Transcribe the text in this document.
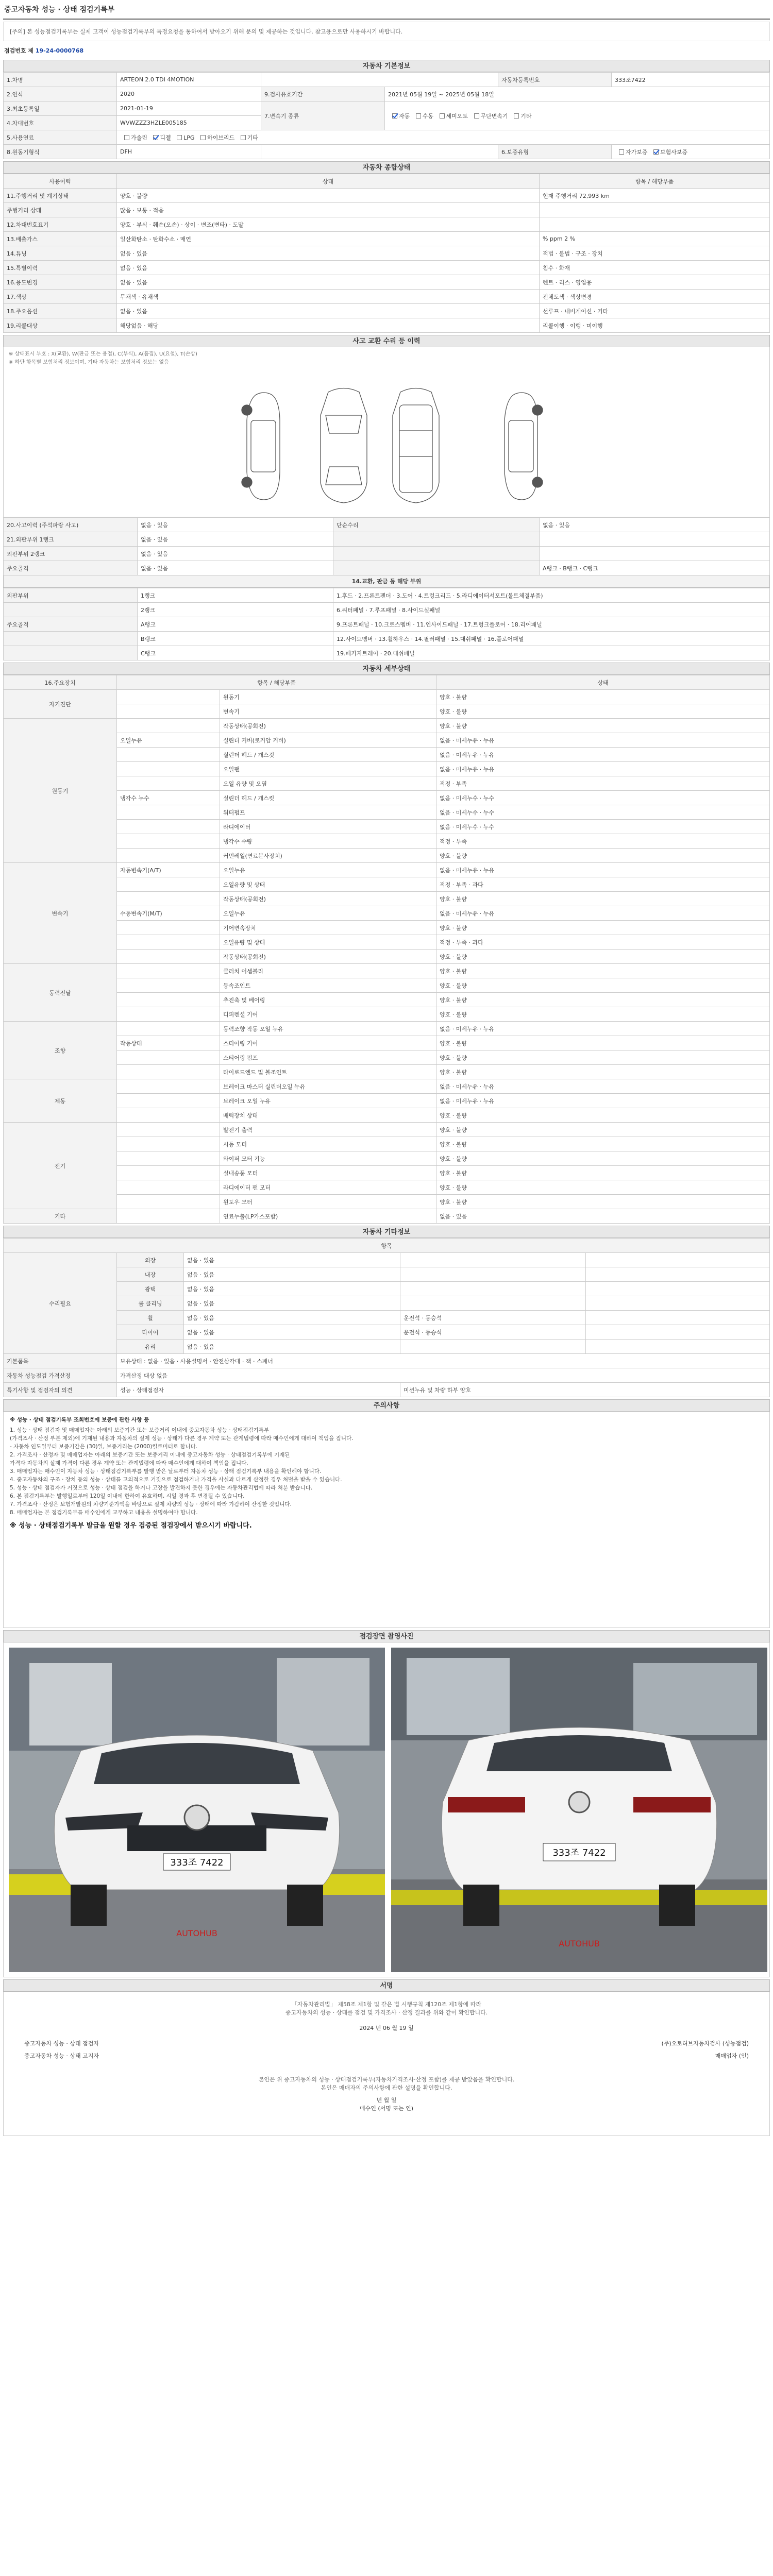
중고자동차 성능 · 상태 점검기록부
[주의] 본 성능점검기록부는 실제 고객이 성능점검기록부의 특정요청을 통하여서 받아오기 위해 문의 및 제공하는 것입니다. 참고용으로만 사용하시기 바랍니다.
점검번호 제 19-24-0000768
자동차 기본정보
1.차명	ARTEON 2.0 TDI 4MOTION			자동차등록번호	333조7422
2.연식	2020	9.검사유효기간	2021년 05월 19일 ~ 2025년 05월 18일		
3.최초등록일	2021-01-19	7.변속기 종류	자동 수동 세미오토 무단변속기 기타		
4.차대번호	WVWZZZ3HZLE005185				
5.사용연료	가솔린 디젤 LPG 하이브리드 기타				
8.원동기형식	DFH			6.보증유형	자가보증 보험사보증
자동차 종합상태
사용이력	상태	항목 / 해당부품
11.주행거리 및 계기상태	양호 · 불량	현재 주행거리 72,993 km
주행거리 상태	많음 · 보통 · 적음	
12.차대번호표기	양호 · 부식 · 훼손(오손) · 상이 · 변조(변타) · 도말	
13.배출가스	일산화탄소 · 탄화수소 · 매연	% ppm 2 %
14.튜닝	없음 · 있음	적법 · 불법 · 구조 · 장치
15.특별이력	없음 · 있음	침수 · 화재
16.용도변경	없음 · 있음	렌트 · 리스 · 영업용
17.색상	무채색 · 유채색	전체도색 · 색상변경
18.주요옵션	없음 · 있음	선루프 · 내비게이션 · 기타
19.리콜대상	해당없음 · 해당	리콜이행 · 이행 · 미이행
사고 교환 수리 등 이력
※ 상태표시 부호 : X(교환), W(판금 또는 용접), C(부식), A(흠집), U(요철), T(손상)
※ 하단 항목별 보험처리 정보이며, 기타 자동차는 보험처리 정보는 없음
20.사고이력 (주석파랑 사고)	없음 · 있음	단순수리	없음 · 있음
21.외판부위 1랭크	없음 · 있음		
외판부위 2랭크	없음 · 있음		
주요골격	없음 · 있음		A랭크 · B랭크 · C랭크
14.교환, 판금 등 해당 부위
외판부위	1랭크	1.후드 · 2.프론트펜더 · 3.도어 · 4.트렁크리드 · 5.라디에이터서포트(볼트체결부품)
	2랭크	6.쿼터패널 · 7.루프패널 · 8.사이드실패널
주요골격	A랭크	9.프론트패널 · 10.크로스멤버 · 11.인사이드패널 · 17.트렁크플로어 · 18.리어패널
	B랭크	12.사이드멤버 · 13.휠하우스 · 14.필러패널 · 15.대쉬패널 · 16.플로어패널
	C랭크	19.패키지트레이 · 20.대쉬패널
자동차 세부상태
16.주요장치	항목 / 해당부품		상태
자기진단		원동기	양호 · 불량
		변속기	양호 · 불량
원동기		작동상태(공회전)	양호 · 불량
	오일누유	실린더 커버(로커암 커버)	없음 · 미세누유 · 누유
		실린더 헤드 / 개스킷	없음 · 미세누유 · 누유
		오일팬	없음 · 미세누유 · 누유
		오일 유량 및 오염	적정 · 부족
	냉각수 누수	실린더 헤드 / 개스킷	없음 · 미세누수 · 누수
		워터펌프	없음 · 미세누수 · 누수
		라디에이터	없음 · 미세누수 · 누수
		냉각수 수량	적정 · 부족
		커먼레일(연료분사장치)	양호 · 불량
변속기	자동변속기(A/T)	오일누유	없음 · 미세누유 · 누유
		오일유량 및 상태	적정 · 부족 · 과다
		작동상태(공회전)	양호 · 불량
	수동변속기(M/T)	오일누유	없음 · 미세누유 · 누유
		기어변속장치	양호 · 불량
		오일유량 및 상태	적정 · 부족 · 과다
		작동상태(공회전)	양호 · 불량
동력전달		클러치 어셈블리	양호 · 불량
		등속조인트	양호 · 불량
		추진축 및 베어링	양호 · 불량
		디퍼렌셜 기어	양호 · 불량
조향		동력조향 작동 오일 누유	없음 · 미세누유 · 누유
	작동상태	스티어링 기어	양호 · 불량
		스티어링 펌프	양호 · 불량
		타이로드엔드 및 볼조인트	양호 · 불량
제동		브레이크 마스터 실린더오일 누유	없음 · 미세누유 · 누유
		브레이크 오일 누유	없음 · 미세누유 · 누유
		배력장치 상태	양호 · 불량
전기		발전기 출력	양호 · 불량
		시동 모터	양호 · 불량
		와이퍼 모터 기능	양호 · 불량
		실내송풍 모터	양호 · 불량
		라디에이터 팬 모터	양호 · 불량
		윈도우 모터	양호 · 불량
기타		연료누출(LP가스포함)	없음 · 있음
자동차 기타정보
항목				
수리필요	외장	없음 · 있음		
	내장	없음 · 있음		
	광택	없음 · 있음		
	룸 클리닝	없음 · 있음		
	휠	없음 · 있음	운전석 · 동승석	
	타이어	없음 · 있음	운전석 · 동승석	
	유리	없음 · 있음		
기본품목	보유상태 : 없음 · 있음 · 사용설명서 · 안전삼각대 · 잭 · 스패너			
자동차 성능점검 가격산정	가격산정 대상 없음			
특기사항 및 점검자의 의견	성능 · 상태점검자		미션누유 및 차량 하부 양호	
주의사항
※ 성능 · 상태 점검기록부 조회번호에 보증에 관한 사항 등
1. 성능 · 상태 점검자 및 매매업자는 아래의 보증기간 또는 보증거리 이내에 중고자동차 성능 · 상태점검기록부
(가격조사 · 산정 부분 제외)에 기재된 내용과 자동차의 실제 성능 · 상태가 다른 경우 계약 또는 관계법령에 따라 매수인에게 대하여 책임을 집니다.
- 자동차 인도일부터 보증기간은 (30)일, 보증거리는 (2000)킬로미터로 합니다.
2. 가격조사 · 산정자 및 매매업자는 아래의 보증기간 또는 보증거리 이내에 중고자동차 성능 · 상태점검기록부에 기재된
가격과 자동차의 실제 가격이 다른 경우 계약 또는 관계법령에 따라 매수인에게 대하여 책임을 집니다.
3. 매매업자는 매수인이 자동차 성능 · 상태점검기록부를 발행 받은 날로부터 자동차 성능 · 상태 점검기록부 내용을 확인해야 합니다.
4. 중고자동차의 구조 · 장치 등의 성능 · 상태를 고의적으로 거짓으로 점검하거나 가격을 사실과 다르게 산정한 경우 처벌을 받을 수 있습니다.
5. 성능 · 상태 점검자가 거짓으로 성능 · 상태 점검을 하거나 고장을 발견하지 못한 경우에는 자동차관리법에 따라 처분 받습니다.
6. 본 점검기록부는 발행일로부터 120일 이내에 한하여 유효하며, 시일 경과 후 변경될 수 있습니다.
7. 가격조사 · 산정은 보험개발원의 차량기준가액을 바탕으로 실제 차량의 성능 · 상태에 따라 가감하여 산정한 것입니다.
8. 매매업자는 본 점검기록부를 매수인에게 교부하고 내용을 설명하여야 합니다.
※ 성능 · 상태점검기록부 발급을 원할 경우 검증된 점검장에서 받으시기 바랍니다.
점검장면 촬영사진
333조 7422
AUTOHUB
333조 7422
AUTOHUB
서명
「자동차관리법」 제58조 제1항 및 같은 법 시행규칙 제120조 제1항에 따라
중고자동차의 성능 · 상태를 점검 및 가격조사 · 산정 결과를 위와 같이 확인합니다.
2024 년 06 월 19 일
중고자동차 성능 · 상태 점검자	(주)오토허브자동차검사 (성능점검)
중고자동차 성능 · 상태 고지자	매매업자 (인)
본인은 위 중고자동차의 성능 · 상태점검기록부(자동차가격조사·산정 포함)를 제공 받았음을 확인합니다.
본인은 매매자의 주의사항에 관한 설명을 확인합니다.
년 월 일
매수인 (서명 또는 인)
